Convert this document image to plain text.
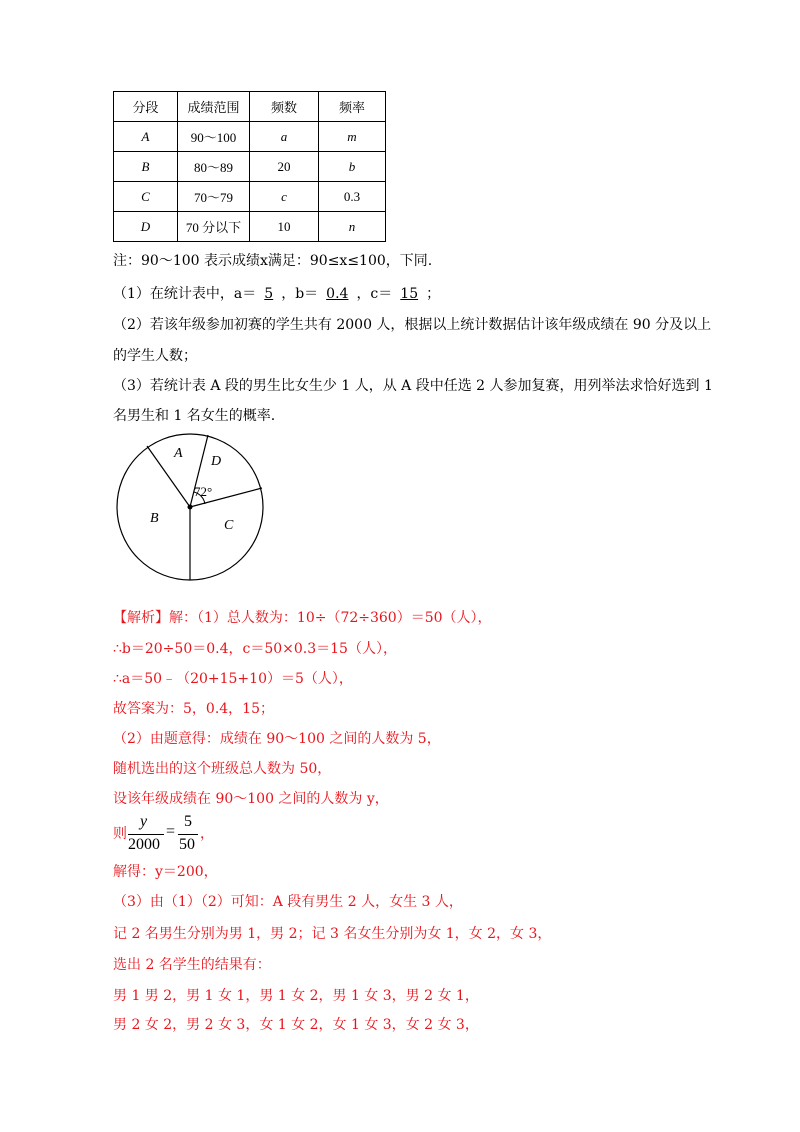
分段	成绩范围	频数	频率
A	90～100	a	m
B	80～89	20	b
C	70～79	c	0.3
D	70 分以下	10	n
注：90～100 表示成绩x满足：90≤x≤100，下同.
（1）在统计表中，a＝ 5 ，b＝ 0.4 ，c＝ 15 ；
（2）若该年级参加初赛的学生共有 2000 人，根据以上统计数据估计该年级成绩在 90 分及以上
的学生人数；
（3）若统计表 A 段的男生比女生少 1 人，从 A 段中任选 2 人参加复赛，用列举法求恰好选到 1
名男生和 1 名女生的概率.
A
D
B	C
72°
【解析】解：（1）总人数为：10÷（72÷360）＝50（人），
∴b＝20÷50＝0.4，c＝50×0.3＝15（人），
∴a＝50﹣（20+15+10）＝5（人），
故答案为：5，0.4，15；
（2）由题意得：成绩在 90～100 之间的人数为 5，
随机选出的这个班级总人数为 50，
设该年级成绩在 90～100 之间的人数为 y，
则
y
2000
=
5
50
，
解得：y＝200，
（3）由（1）（2）可知：A 段有男生 2 人，女生 3 人，
记 2 名男生分别为男 1，男 2；记 3 名女生分别为女 1，女 2，女 3，
选出 2 名学生的结果有：
男 1 男 2，男 1 女 1，男 1 女 2，男 1 女 3，男 2 女 1，
男 2 女 2，男 2 女 3，女 1 女 2，女 1 女 3，女 2 女 3，
